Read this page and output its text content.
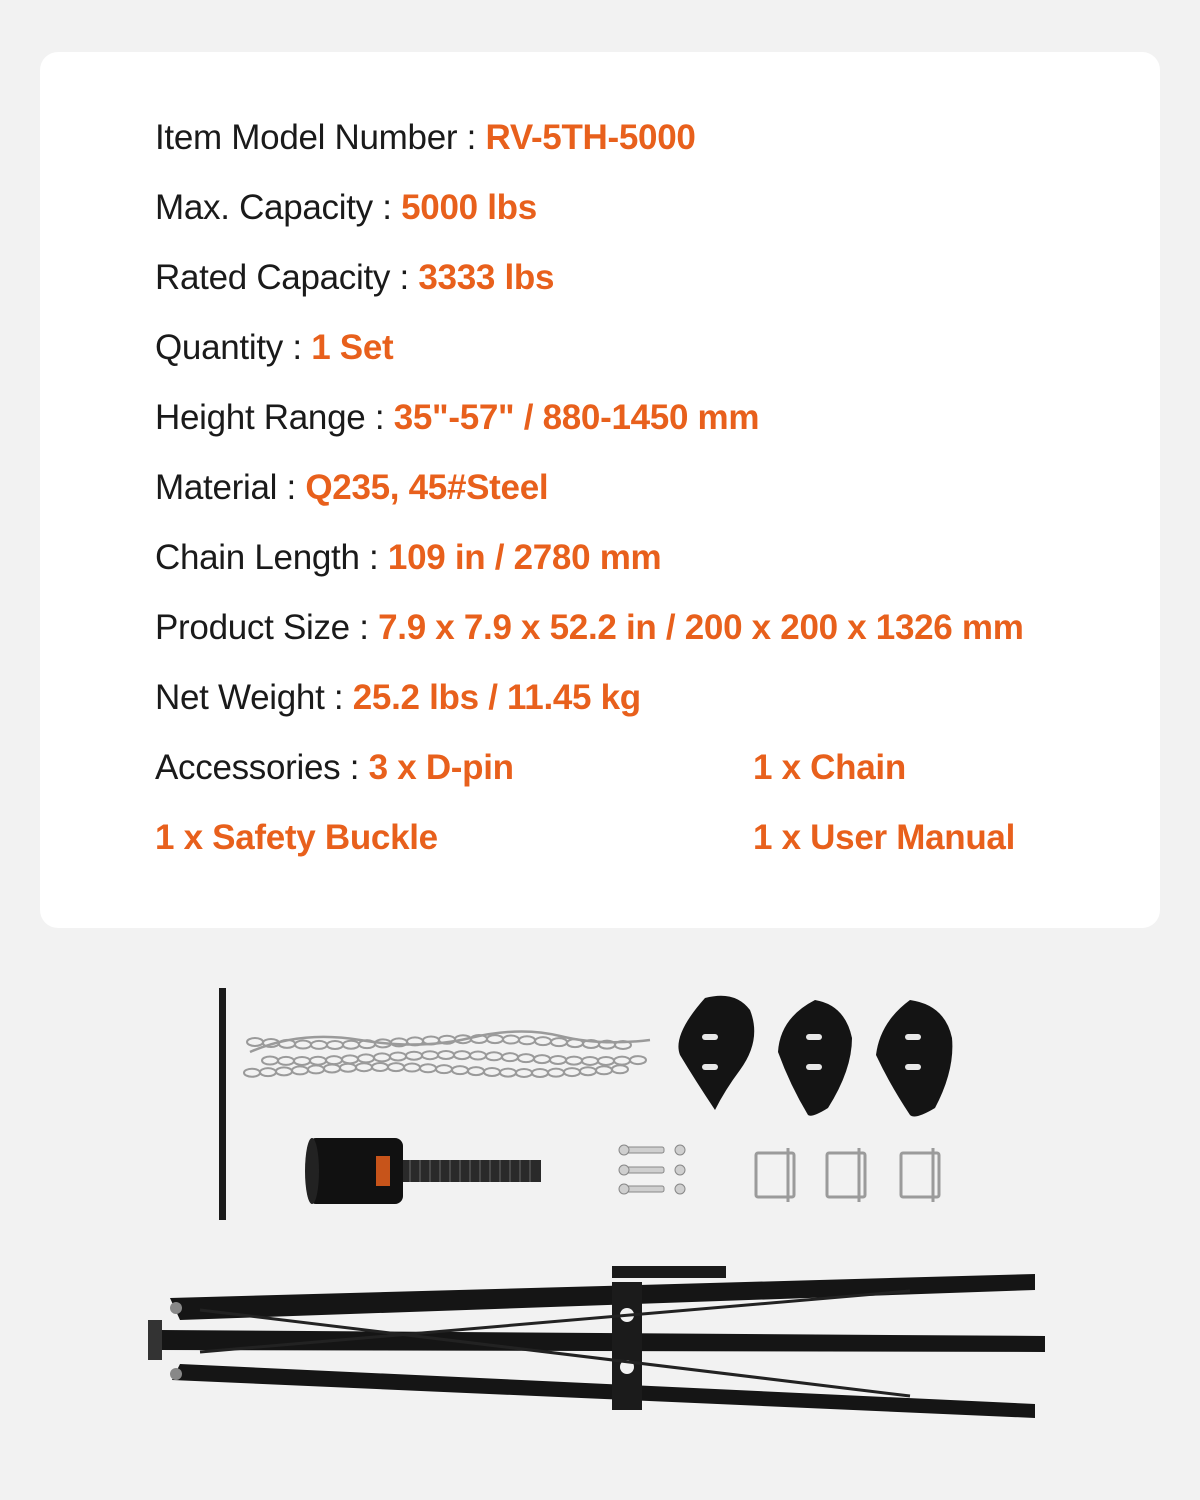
Item Model Number : RV-5TH-5000
Max. Capacity : 5000 lbs
Rated Capacity : 3333 lbs
Quantity : 1 Set
Height Range : 35"-57" / 880-1450 mm
Material : Q235, 45#Steel
Chain Length : 109 in / 2780 mm
Product Size : 7.9 x 7.9 x 52.2 in / 200 x 200 x 1326 mm
Net Weight : 25.2 lbs / 11.45 kg
Accessories : 3 x D-pin	1 x Chain
1 x Safety Buckle	1 x User Manual
